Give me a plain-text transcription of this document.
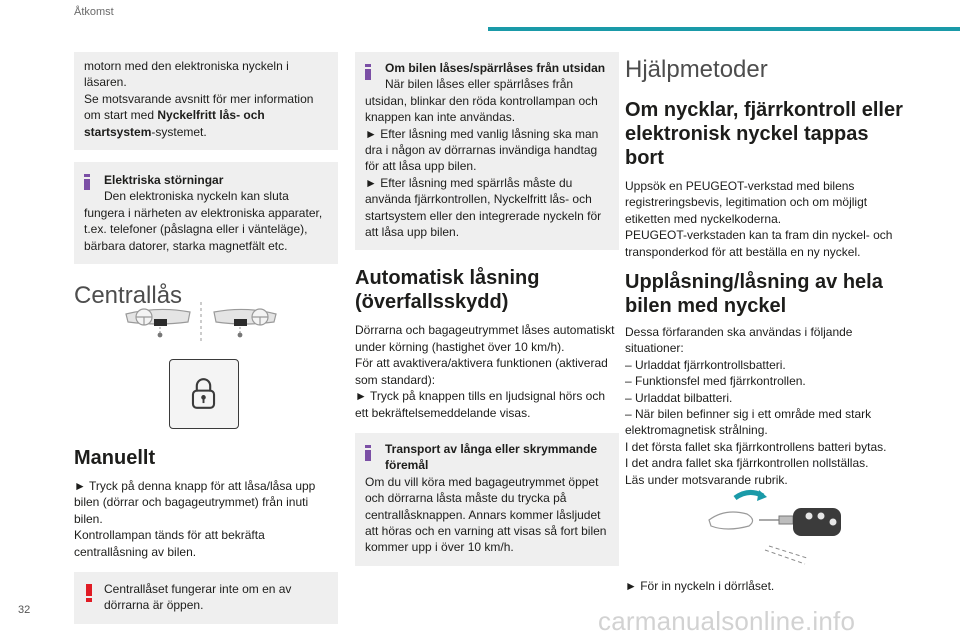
Åtkomst
motorn med den elektroniska nyckeln i
läsaren.
Se motsvarande avsnitt för mer information
om start med Nyckelfritt lås- och
startsystem-systemet.
Elektriska störningar
Den elektroniska nyckeln kan sluta
fungera i närheten av elektroniska apparater, t.ex. telefoner (påslagna eller i vänteläge), bärbara datorer, starka magnetfält etc.
Centrallås
Manuellt
► Tryck på denna knapp för att låsa/låsa upp bilen (dörrar och bagageutrymmet) från inuti bilen.
Kontrollampan tänds för att bekräfta centrallåsning av bilen.
Centrallåset fungerar inte om en av dörrarna är öppen.
Om bilen låses/spärrlåses från utsidan
När bilen låses eller spärrlåses från
utsidan, blinkar den röda kontrollampan och knappen kan inte användas.
► Efter låsning med vanlig låsning ska man dra i någon av dörrarnas invändiga handtag för att låsa upp bilen.
► Efter låsning med spärrlås måste du använda fjärrkontrollen, Nyckelfritt lås- och startsystem eller den integrerade nyckeln för att låsa upp bilen.
Automatisk låsning (överfallsskydd)
Dörrarna och bagageutrymmet låses automatiskt under körning (hastighet över 10 km/h).
För att avaktivera/aktivera funktionen (aktiverad som standard):
► Tryck på knappen tills en ljudsignal hörs och ett bekräftelsemeddelande visas.
Transport av långa eller skrymmande föremål
Om du vill köra med bagageutrymmet öppet och dörrarna låsta måste du trycka på centrallåsknappen. Annars kommer låsljudet att höras och en varning att visas så fort bilen kommer upp i över 10 km/h.
Hjälpmetoder
Om nycklar, fjärrkontroll eller elektronisk nyckel tappas bort
Uppsök en PEUGEOT-verkstad med bilens registreringsbevis, legitimation och om möjligt etiketten med nyckelkoderna.
PEUGEOT-verkstaden kan ta fram din nyckel- och transponderkod för att beställa en ny nyckel.
Upplåsning/låsning av hela bilen med nyckel
Dessa förfaranden ska användas i följande situationer:
– Urladdat fjärrkontrollsbatteri.
– Funktionsfel med fjärrkontrollen.
– Urladdat bilbatteri.
– När bilen befinner sig i ett område med stark elektromagnetisk strålning.
I det första fallet ska fjärrkontrollens batteri bytas.
I det andra fallet ska fjärrkontrollen nollställas.
Läs under motsvarande rubrik.
► För in nyckeln i dörrlåset.
32	carmanualsonline.info
